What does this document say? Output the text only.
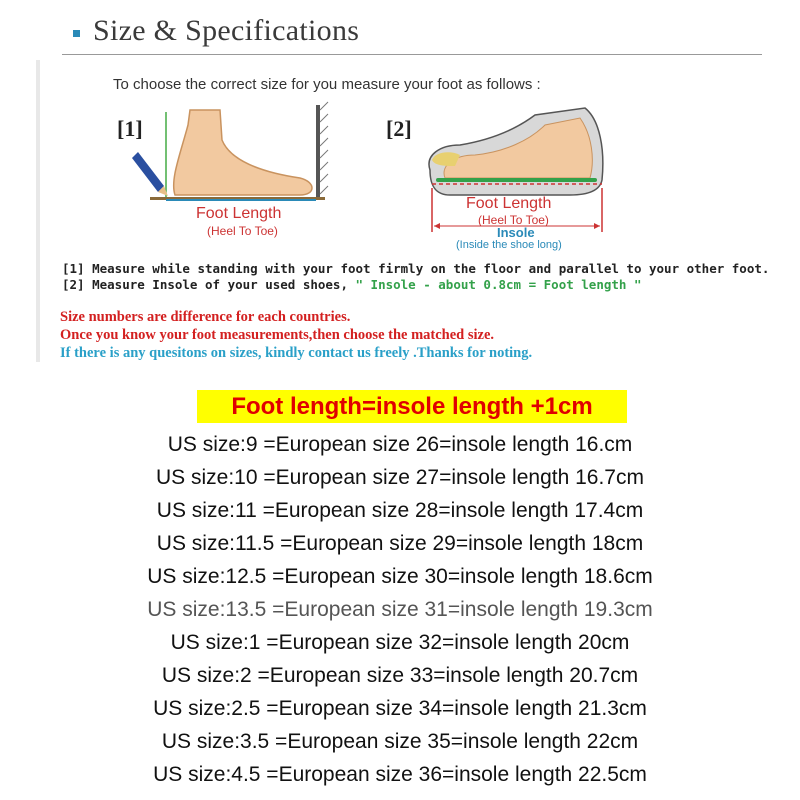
Size & Specifications
To choose the correct size for you measure your foot as follows :
[1]	[2]
Foot Length
(Heel To Toe)
Foot Length
(Heel To Toe)
Insole
(Inside the shoe long)
[1] Measure while standing with your foot firmly on the floor and parallel to your other foot.
[2] Measure Insole of your used shoes, " Insole - about 0.8cm = Foot length "
Size numbers are difference for each countries.
Once you know your foot measurements,then choose the matched size.
If there is any quesitons on sizes, kindly contact us freely .Thanks for noting.
Foot length=insole length +1cm
US size:9 =European size 26=insole length 16.cm
US size:10 =European size 27=insole length 16.7cm
US size:11 =European size 28=insole length 17.4cm
US size:11.5 =European size 29=insole length 18cm
US size:12.5 =European size 30=insole length 18.6cm
US size:13.5 =European size 31=insole length 19.3cm
US size:1 =European size 32=insole length 20cm
US size:2 =European size 33=insole length 20.7cm
US size:2.5 =European size 34=insole length 21.3cm
US size:3.5 =European size 35=insole length 22cm
US size:4.5 =European size 36=insole length 22.5cm
